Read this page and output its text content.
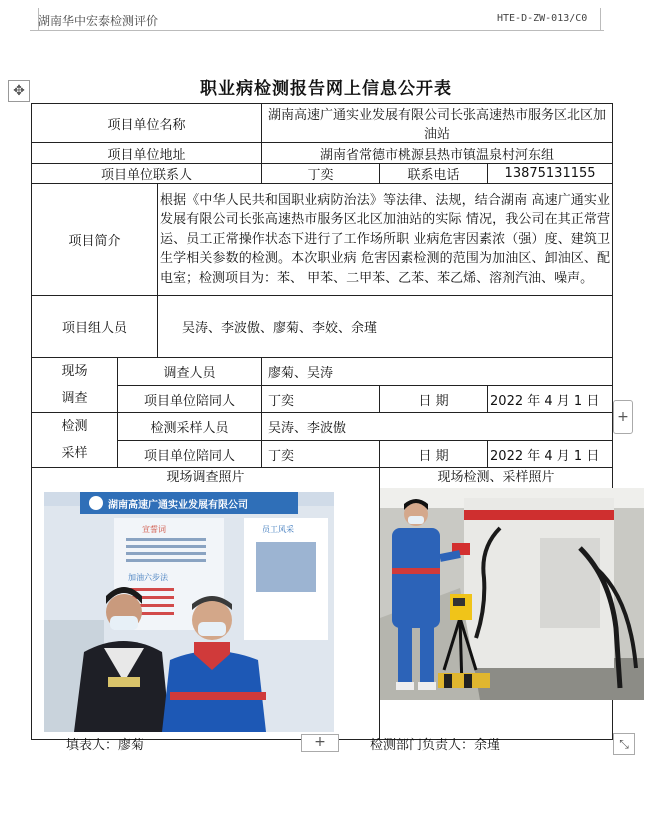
湖南华中宏泰检测评价	HTE-D-ZW-013/C0
✥	职业病检测报告网上信息公开表
项目单位名称			湖南高速广通实业发展有限公司长张高速热市服务区北区加油站		
项目单位地址			湖南省常德市桃源县热市镇温泉村河东组		
项目单位联系人			丁奕	联系电话	13875131155
项目简介		根据《中华人民共和国职业病防治法》等法律、法规，结合湖南 高速广通实业发展有限公司长张高速热市服务区北区加油站的实际 情况，我公司在其正常营运、员工正常操作状态下进行了工作场所职 业病危害因素浓（强）度、建筑卫生学相关参数的检测。本次职业病 危害因素检测的范围为加油区、卸油区、配电室；检测项目为：苯、 甲苯、二甲苯、乙苯、苯乙烯、溶剂汽油、噪声。			
项目组人员		吴涛、李波傲、廖菊、李姣、余瑾			

现场
调查	调查人员		廖菊、吴涛		
	项目单位陪同人		丁奕	日 期	2022 年 4 月 1 日

检测
采样	检测采样人员		吴涛、李波傲		
	项目单位陪同人		丁奕	日 期	2022 年 4 月 1 日

现场调查照片
湖南高速广通实业发展有限公司
宣誓词
加油六步法
员工风采				现场检测、采样照片	
填表人：廖菊	+	检测部门负责人：余瑾
+
⤡
